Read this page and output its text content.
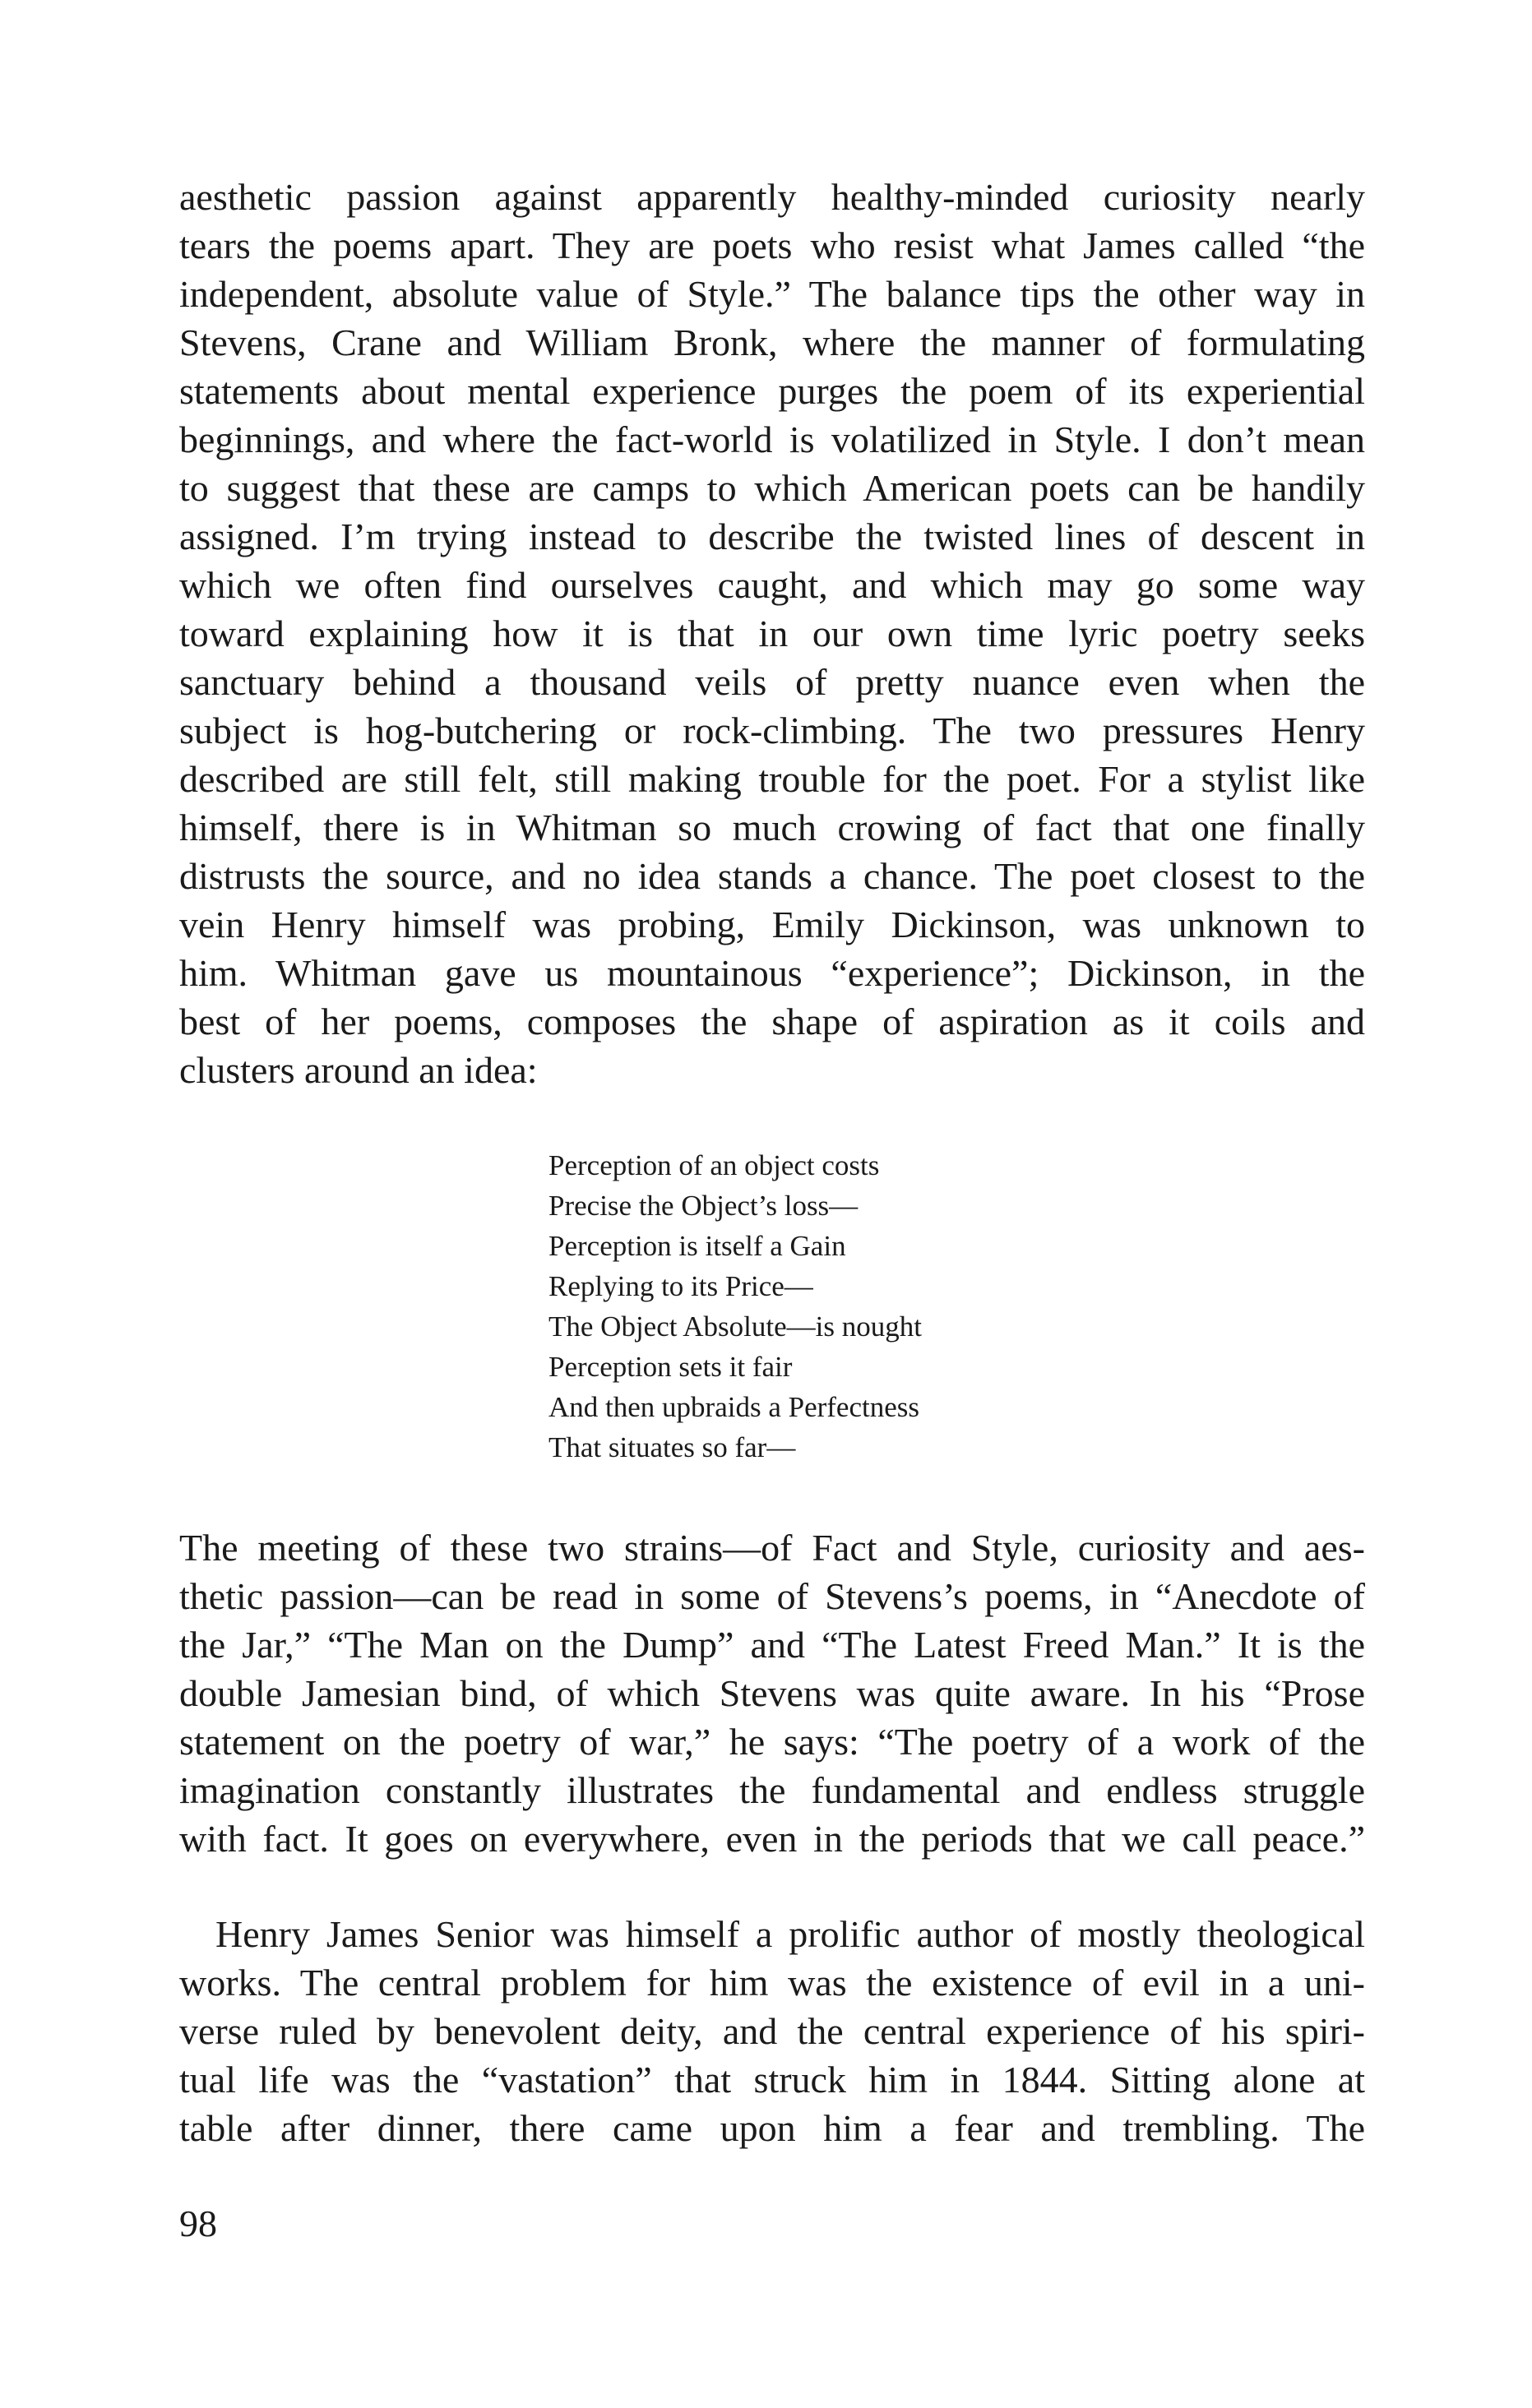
aesthetic passion against apparently healthy-minded curiosity nearly
tears the poems apart. They are poets who resist what James called “the
independent, absolute value of Style.” The balance tips the other way in
Stevens, Crane and William Bronk, where the manner of formulating
statements about mental experience purges the poem of its experiential
beginnings, and where the fact-world is volatilized in Style. I don’t mean
to suggest that these are camps to which American poets can be handily
assigned. I’m trying instead to describe the twisted lines of descent in
which we often find ourselves caught, and which may go some way
toward explaining how it is that in our own time lyric poetry seeks
sanctuary behind a thousand veils of pretty nuance even when the
subject is hog-butchering or rock-climbing. The two pressures Henry
described are still felt, still making trouble for the poet. For a stylist like
himself, there is in Whitman so much crowing of fact that one finally
distrusts the source, and no idea stands a chance. The poet closest to the
vein Henry himself was probing, Emily Dickinson, was unknown to
him. Whitman gave us mountainous “experience”; Dickinson, in the
best of her poems, composes the shape of aspiration as it coils and
clusters around an idea:
Perception of an object costs
Precise the Object’s loss—
Perception is itself a Gain
Replying to its Price—
The Object Absolute—is nought
Perception sets it fair
And then upbraids a Perfectness
That situates so far—
The meeting of these two strains—of Fact and Style, curiosity and aes-
thetic passion—can be read in some of Stevens’s poems, in “Anecdote of
the Jar,” “The Man on the Dump” and “The Latest Freed Man.” It is the
double Jamesian bind, of which Stevens was quite aware. In his “Prose
statement on the poetry of war,” he says: “The poetry of a work of the
imagination constantly illustrates the fundamental and endless struggle
with fact. It goes on everywhere, even in the periods that we call peace.”
Henry James Senior was himself a prolific author of mostly theological
works. The central problem for him was the existence of evil in a uni-
verse ruled by benevolent deity, and the central experience of his spiri-
tual life was the “vastation” that struck him in 1844. Sitting alone at
table after dinner, there came upon him a fear and trembling. The
98
